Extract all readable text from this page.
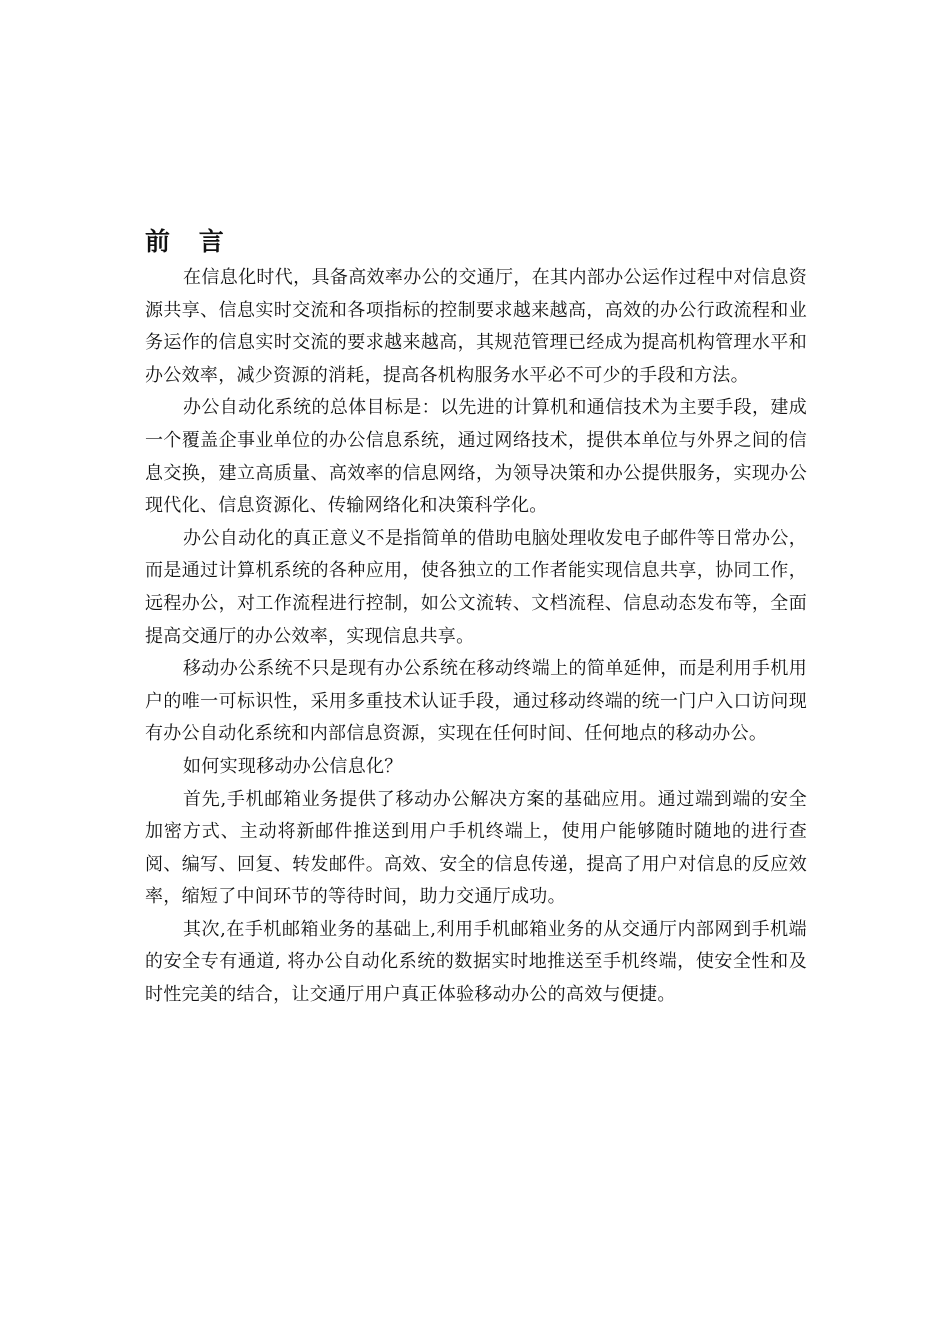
前 言

在信息化时代，具备高效率办公的交通厅，在其内部办公运作过程中对信息资源共享、信息实时交流和各项指标的控制要求越来越高，高效的办公行政流程和业务运作的信息实时交流的要求越来越高，其规范管理已经成为提高机构管理水平和办公效率，减少资源的消耗，提高各机构服务水平必不可少的手段和方法。

办公自动化系统的总体目标是：以先进的计算机和通信技术为主要手段，建成一个覆盖企事业单位的办公信息系统，通过网络技术，提供本单位与外界之间的信息交换，建立高质量、高效率的信息网络，为领导决策和办公提供服务，实现办公现代化、信息资源化、传输网络化和决策科学化。

办公自动化的真正意义不是指简单的借助电脑处理收发电子邮件等日常办公，而是通过计算机系统的各种应用，使各独立的工作者能实现信息共享，协同工作，远程办公，对工作流程进行控制，如公文流转、文档流程、信息动态发布等，全面提高交通厅的办公效率，实现信息共享。

移动办公系统不只是现有办公系统在移动终端上的简单延伸，而是利用手机用户的唯一可标识性，采用多重技术认证手段，通过移动终端的统一门户入口访问现有办公自动化系统和内部信息资源，实现在任何时间、任何地点的移动办公。

如何实现移动办公信息化？

首先,手机邮箱业务提供了移动办公解决方案的基础应用。通过端到端的安全加密方式、主动将新邮件推送到用户手机终端上，使用户能够随时随地的进行查阅、编写、回复、转发邮件。高效、安全的信息传递，提高了用户对信息的反应效率，缩短了中间环节的等待时间，助力交通厅成功。

其次,在手机邮箱业务的基础上,利用手机邮箱业务的从交通厅内部网到手机端的安全专有通道, 将办公自动化系统的数据实时地推送至手机终端，使安全性和及时性完美的结合，让交通厅用户真正体验移动办公的高效与便捷。
